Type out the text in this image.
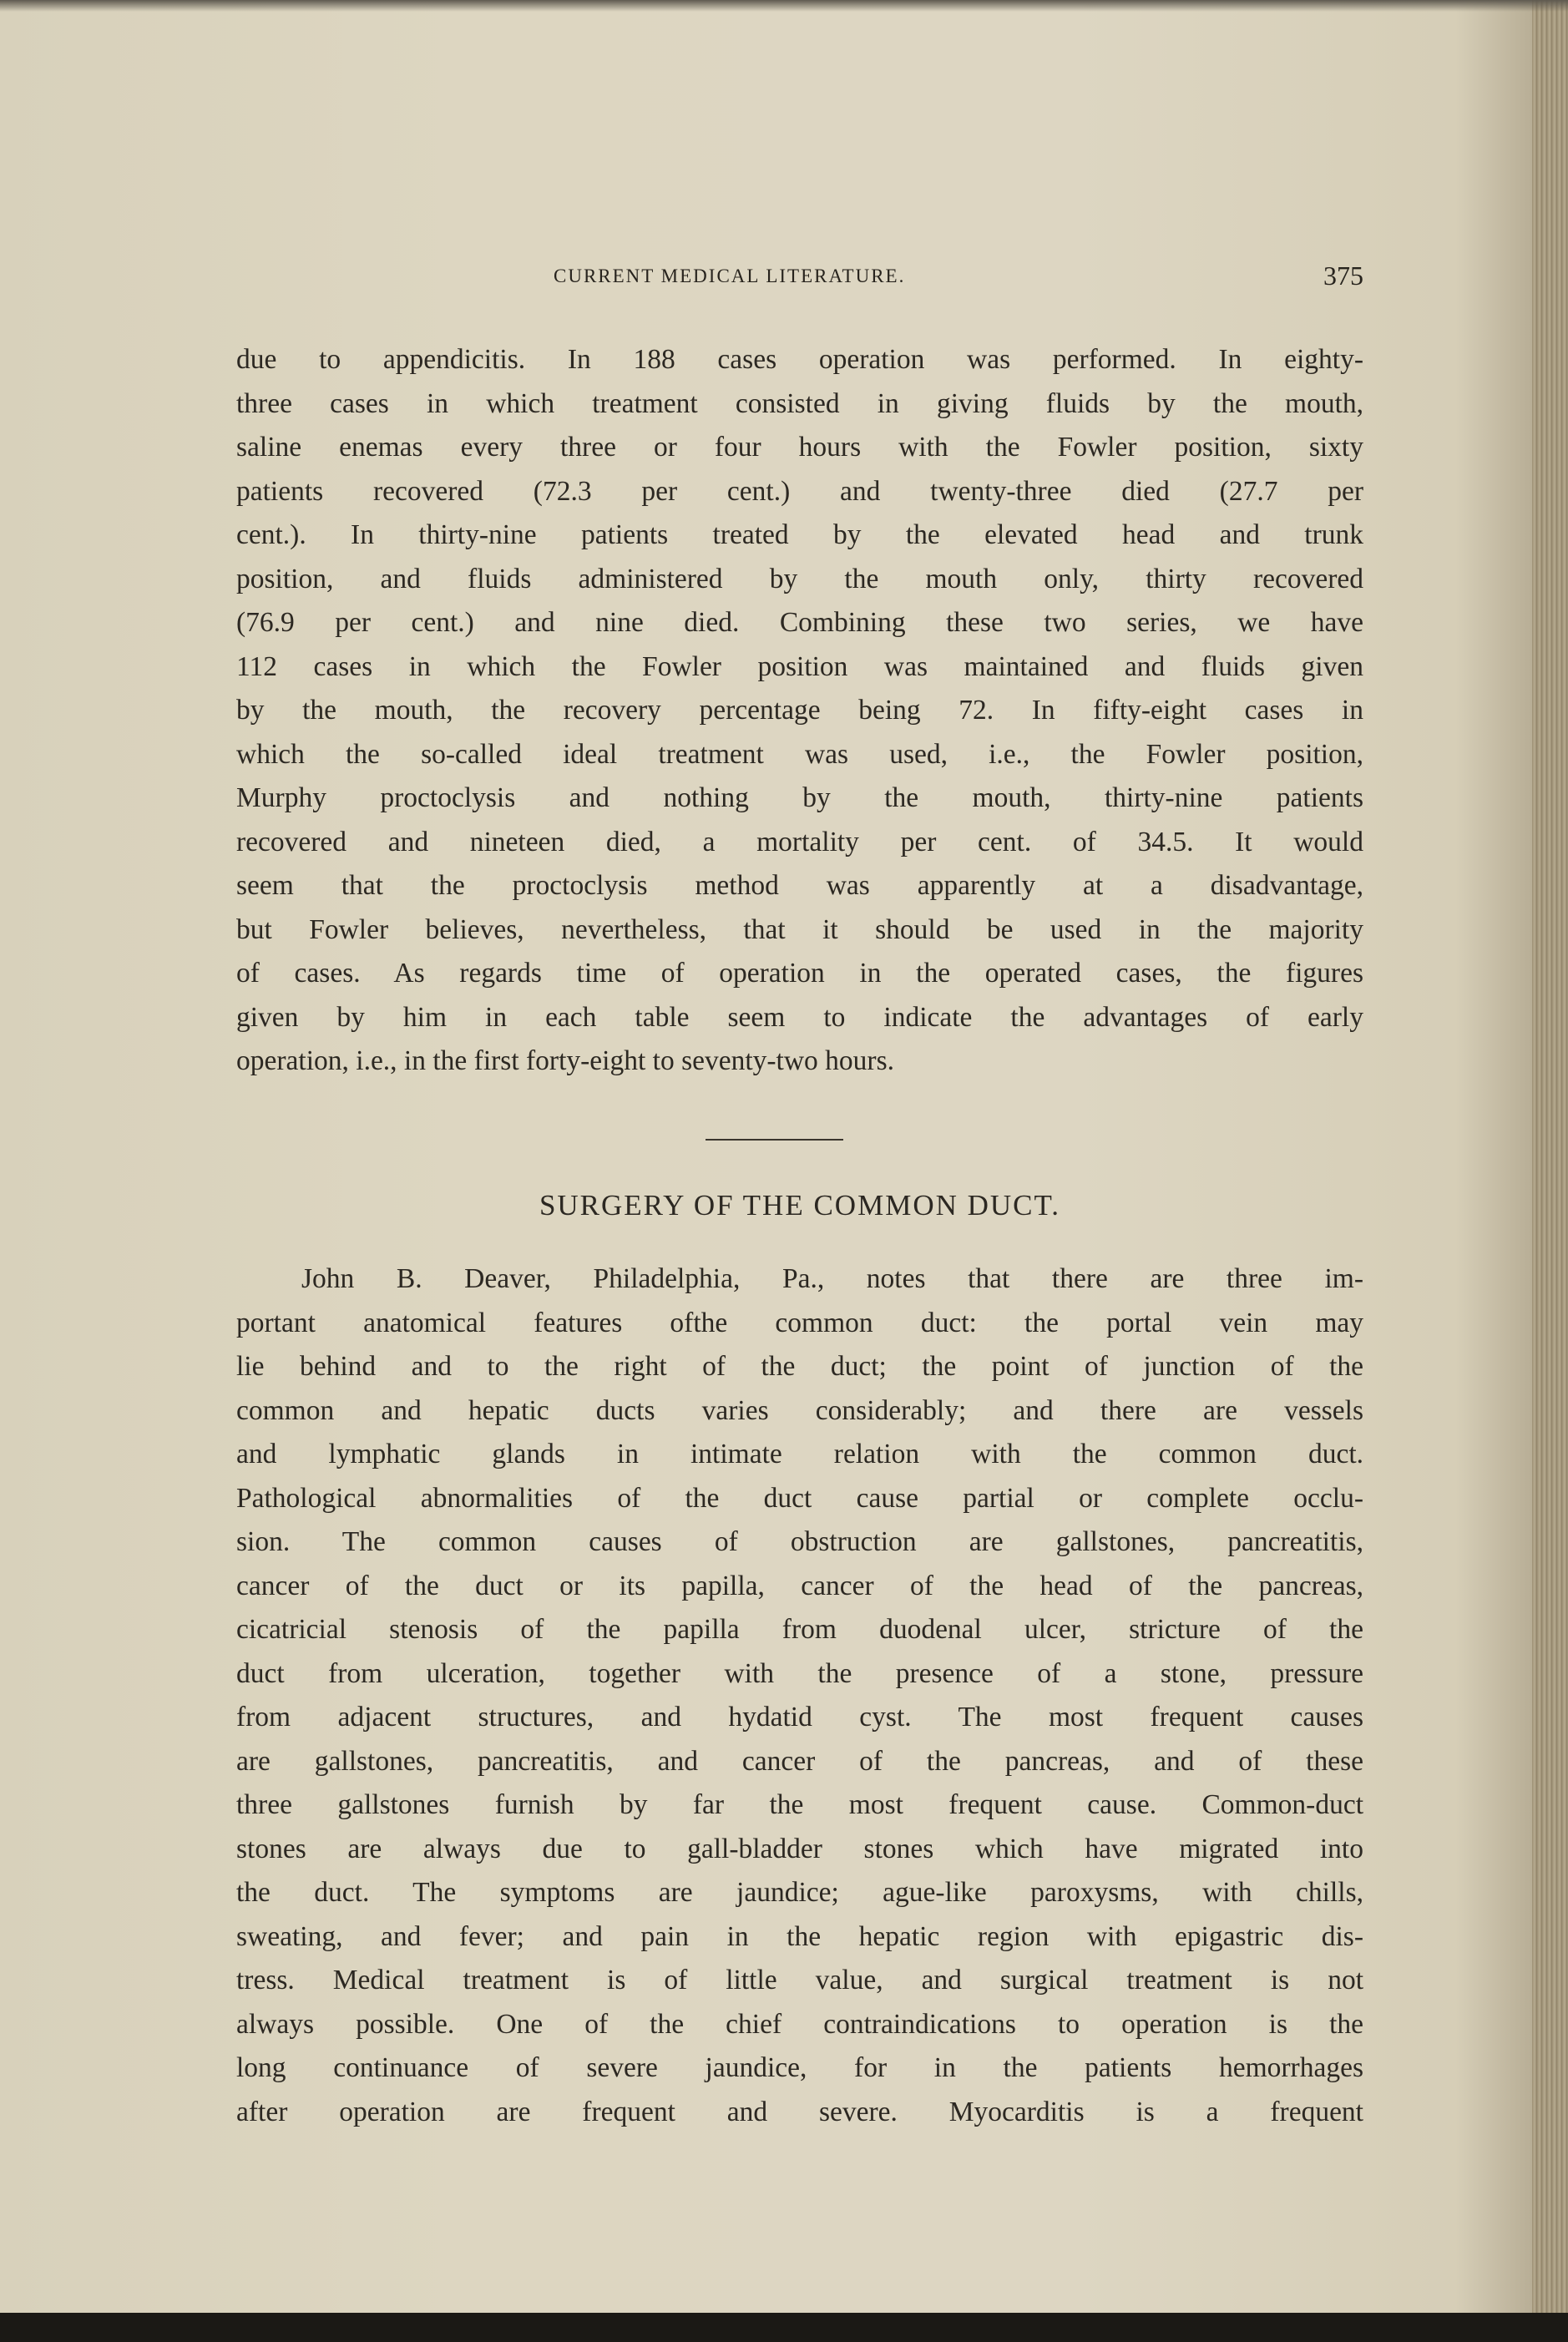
CURRENT MEDICAL LITERATURE.	375
due to appendicitis. In 188 cases operation was performed. In eighty-
three cases in which treatment consisted in giving fluids by the mouth,
saline enemas every three or four hours with the Fowler position, sixty
patients recovered (72.3 per cent.) and twenty-three died (27.7 per
cent.). In thirty-nine patients treated by the elevated head and trunk
position, and fluids administered by the mouth only, thirty recovered
(76.9 per cent.) and nine died. Combining these two series, we have
112 cases in which the Fowler position was maintained and fluids given
by the mouth, the recovery percentage being 72. In fifty-eight cases in
which the so-called ideal treatment was used, i.e., the Fowler position,
Murphy proctoclysis and nothing by the mouth, thirty-nine patients
recovered and nineteen died, a mortality per cent. of 34.5. It would
seem that the proctoclysis method was apparently at a disadvantage,
but Fowler believes, nevertheless, that it should be used in the majority
of cases. As regards time of operation in the operated cases, the figures
given by him in each table seem to indicate the advantages of early
operation, i.e., in the first forty-eight to seventy-two hours.
SURGERY OF THE COMMON DUCT.
John B. Deaver, Philadelphia, Pa., notes that there are three im-
portant anatomical features ofthe common duct: the portal vein may
lie behind and to the right of the duct; the point of junction of the
common and hepatic ducts varies considerably; and there are vessels
and lymphatic glands in intimate relation with the common duct.
Pathological abnormalities of the duct cause partial or complete occlu-
sion. The common causes of obstruction are gallstones, pancreatitis,
cancer of the duct or its papilla, cancer of the head of the pancreas,
cicatricial stenosis of the papilla from duodenal ulcer, stricture of the
duct from ulceration, together with the presence of a stone, pressure
from adjacent structures, and hydatid cyst. The most frequent causes
are gallstones, pancreatitis, and cancer of the pancreas, and of these
three gallstones furnish by far the most frequent cause. Common-duct
stones are always due to gall-bladder stones which have migrated into
the duct. The symptoms are jaundice; ague-like paroxysms, with chills,
sweating, and fever; and pain in the hepatic region with epigastric dis-
tress. Medical treatment is of little value, and surgical treatment is not
always possible. One of the chief contraindications to operation is the
long continuance of severe jaundice, for in the patients hemorrhages
after operation are frequent and severe. Myocarditis is a frequent
